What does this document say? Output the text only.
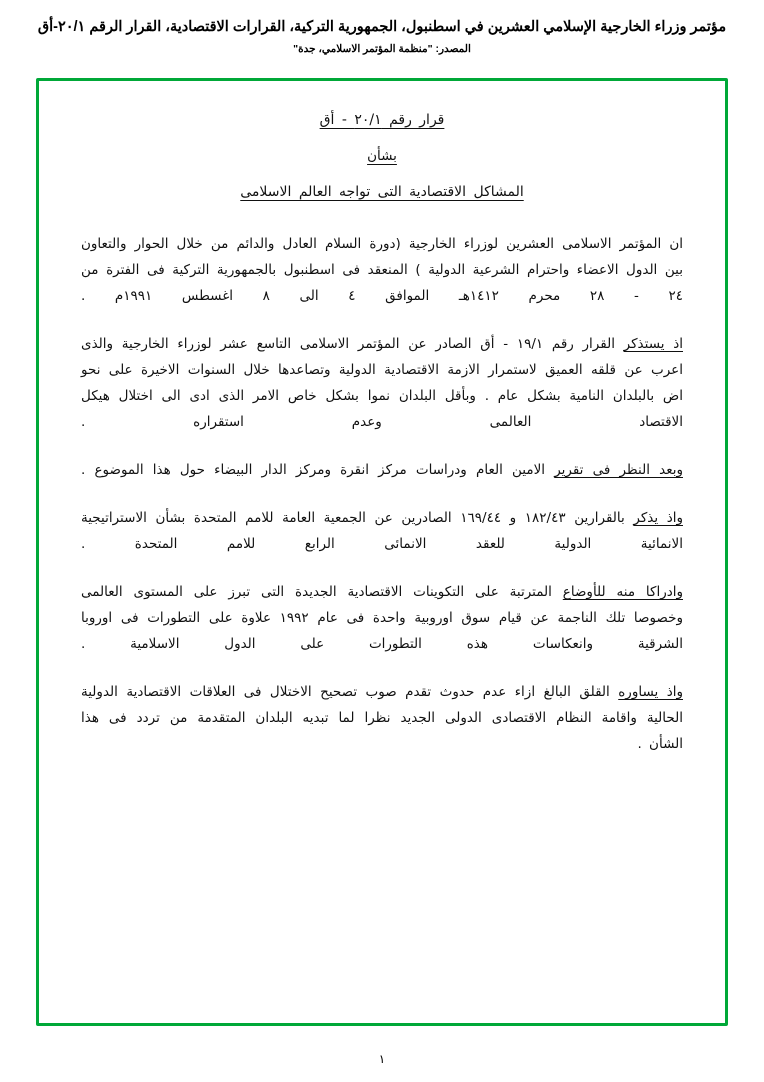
مؤتمر وزراء الخارجية الإسلامي العشرين في اسطنبول، الجمهورية التركية، القرارات الاقتصادية، القرار الرقم ٢٠/١-أق
المصدر: "منظمة المؤتمر الاسلامي، جدة"
قرار رقم ٢٠/١ - أق
بشأن
المشاكل الاقتصادية التى تواجه العالم الاسلامى

ان المؤتمر الاسلامى العشرين لوزراء الخارجية (دورة السلام العادل والدائم من خلال الحوار والتعاون بين الدول الاعضاء واحترام الشرعية الدولية ) المنعقد فى اسطنبول بالجمهورية التركية فى الفترة من ٢٤ - ٢٨ محرم ١٤١٢هـ الموافق ٤ الى ٨ اغسطس ١٩٩١م .

اذ يستذكر القرار رقم ١٩/١ - أق الصادر عن المؤتمر الاسلامى التاسع عشر لوزراء الخارجية والذى اعرب عن قلقه العميق لاستمرار الازمة الاقتصادية الدولية وتصاعدها خلال السنوات الاخيرة على نحو اض بالبلدان النامية بشكل عام . وبأقل البلدان نموا بشكل خاص الامر الذى ادى الى اختلال هيكل الاقتصاد العالمى وعدم استقراره .

وبعد النظر فى تقرير الامين العام ودراسات مركز انقرة ومركز الدار البيضاء حول هذا الموضوع .

واذ يذكر بالقرارين ١٨٢/٤٣ و ١٦٩/٤٤ الصادرين عن الجمعية العامة للامم المتحدة بشأن الاستراتيجية الانمائية الدولية للعقد الانمائى الرابع للامم المتحدة .

وادراكا منه للأوضاع المترتبة على التكوينات الاقتصادية الجديدة التى تبرز على المستوى العالمى وخصوصا تلك الناجمة عن قيام سوق اوروبية واحدة فى عام ١٩٩٢ علاوة على التطورات فى اوروبا الشرقية وانعكاسات هذه التطورات على الدول الاسلامية .

واذ يساوره القلق البالغ ازاء عدم حدوث تقدم صوب تصحيح الاختلال فى العلاقات الاقتصادية الدولية الحالية واقامة النظام الاقتصادى الدولى الجديد نظرا لما تبديه البلدان المتقدمة من تردد فى هذا الشأن .

١
